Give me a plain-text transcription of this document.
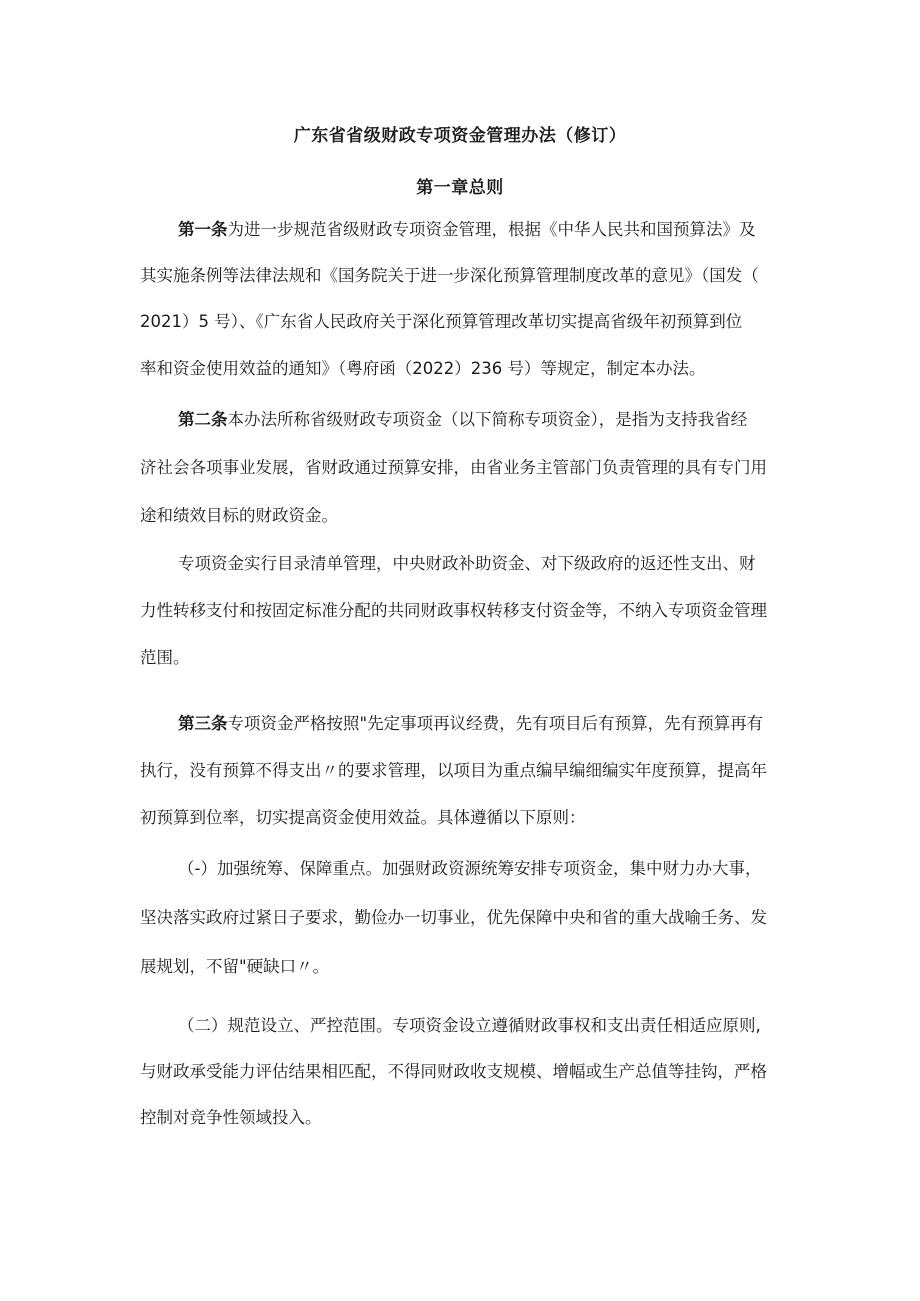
广东省省级财政专项资金管理办法（修订）
第一章总则
第一条为进一步规范省级财政专项资金管理，根据《中华人民共和国预算法》及
其实施条例等法律法规和《国务院关于进一步深化预算管理制度改革的意见》（国发（
2021）5 号）、《广东省人民政府关于深化预算管理改革切实提高省级年初预算到位
率和资金使用效益的通知》（粤府函（2022）236 号）等规定，制定本办法。
第二条本办法所称省级财政专项资金（以下简称专项资金），是指为支持我省经
济社会各项事业发展，省财政通过预算安排，由省业务主管部门负责管理的具有专门用
途和绩效目标的财政资金。
专项资金实行目录清单管理，中央财政补助资金、对下级政府的返还性支出、财
力性转移支付和按固定标准分配的共同财政事权转移支付资金等，不纳入专项资金管理
范围。
第三条专项资金严格按照"先定事项再议经费，先有项目后有预算，先有预算再有
执行，没有预算不得支出〃的要求管理，以项目为重点编早编细编实年度预算，提高年
初预算到位率，切实提高资金使用效益。具体遵循以下原则：
（-）加强统筹、保障重点。加强财政资源统筹安排专项资金，集中财力办大事，
坚决落实政府过紧日子要求，勤俭办一切事业，优先保障中央和省的重大战喻壬务、发
展规划，不留"硬缺口〃。
（二）规范设立、严控范围。专项资金设立遵循财政事权和支出责任相适应原则,
与财政承受能力评估结果相匹配，不得同财政收支规模、增幅或生产总值等挂钩，严格
控制对竞争性领域投入。
